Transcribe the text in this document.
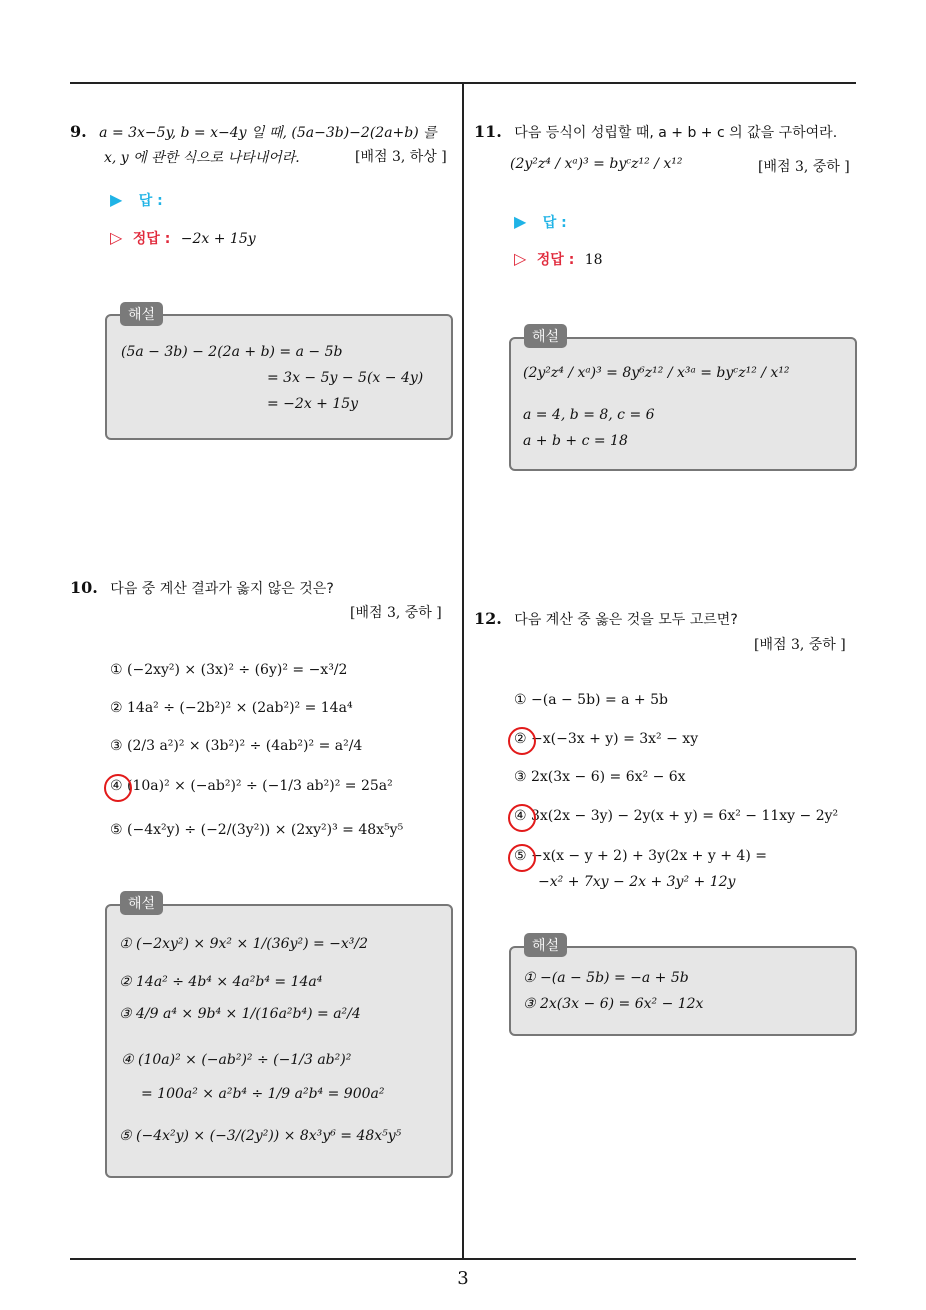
9. a = 3x−5y, b = x−4y 일 때, (5a−3b)−2(2a+b) 를
x, y 에 관한 식으로 나타내어라.	[배점 3, 하상 ]
▶ 답 :
▷ 정답 : −2x + 15y
(5a − 3b) − 2(2a + b) = a − 5b
= 3x − 5y − 5(x − 4y)
= −2x + 15y
해설
10. 다음 중 계산 결과가 옳지 않은 것은?
[배점 3, 중하 ]
① (−2xy²) × (3x)² ÷ (6y)² = −x³/2
② 14a² ÷ (−2b²)² × (2ab²)² = 14a⁴
③ (2/3 a²)² × (3b²)² ÷ (4ab²)² = a²/4
④ (10a)² × (−ab²)² ÷ (−1/3 ab²)² = 25a²
⑤ (−4x²y) ÷ (−2/(3y²)) × (2xy²)³ = 48x⁵y⁵
① (−2xy²) × 9x² × 1/(36y²) = −x³/2
② 14a² ÷ 4b⁴ × 4a²b⁴ = 14a⁴
③ 4/9 a⁴ × 9b⁴ × 1/(16a²b⁴) = a²/4
④ (10a)² × (−ab²)² ÷ (−1/3 ab²)²
= 100a² × a²b⁴ ÷ 1/9 a²b⁴ = 900a²
⑤ (−4x²y) × (−3/(2y²)) × 8x³y⁶ = 48x⁵y⁵
해설
11. 다음 등식이 성립할 때, a + b + c 의 값을 구하여라.
(2y²z⁴ / xᵃ)³ = byᶜz¹² / x¹²	[배점 3, 중하 ]
▶ 답 :
▷ 정답 : 18
(2y²z⁴ / xᵃ)³ = 8y⁶z¹² / x³ᵃ = byᶜz¹² / x¹²
a = 4, b = 8, c = 6
a + b + c = 18
해설
12. 다음 계산 중 옳은 것을 모두 고르면?
[배점 3, 중하 ]
① −(a − 5b) = a + 5b
② −x(−3x + y) = 3x² − xy
③ 2x(3x − 6) = 6x² − 6x
④ 3x(2x − 3y) − 2y(x + y) = 6x² − 11xy − 2y²
⑤ −x(x − y + 2) + 3y(2x + y + 4) =
−x² + 7xy − 2x + 3y² + 12y
① −(a − 5b) = −a + 5b
③ 2x(3x − 6) = 6x² − 12x
해설
3
